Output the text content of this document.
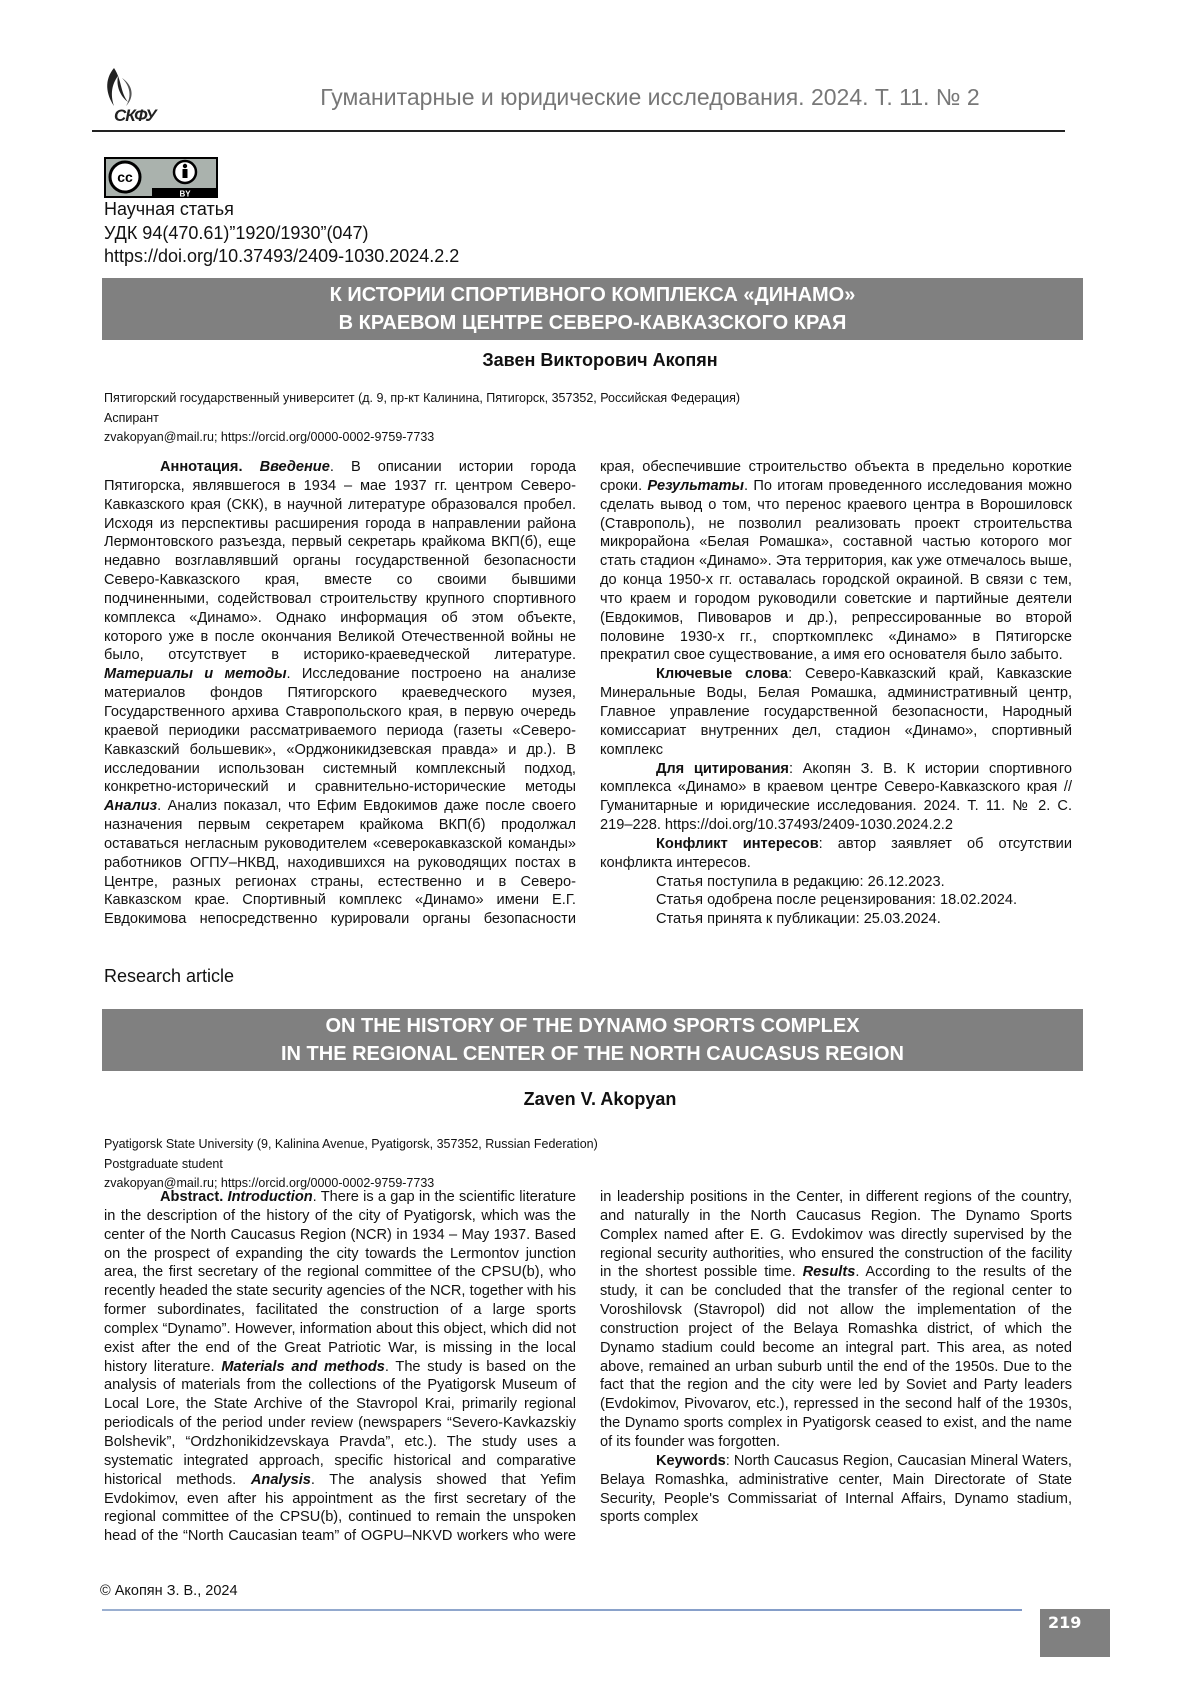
СКФУ
Гуманитарные и юридические исследования. 2024. Т. 11. № 2
cc
BY
Научная статья
УДК 94(470.61)”1920/1930”(047)
https://doi.org/10.37493/2409-1030.2024.2.2
К ИСТОРИИ СПОРТИВНОГО КОМПЛЕКСА «ДИНАМО»
В КРАЕВОМ ЦЕНТРЕ СЕВЕРО-КАВКАЗСКОГО КРАЯ
Завен Викторович Акопян
Пятигорский государственный университет (д. 9, пр-кт Калинина, Пятигорск, 357352, Российская Федерация)
Аспирант
zvakopyan@mail.ru; https://orcid.org/0000-0002-9759-7733

Аннотация. Введение. В описании истории города Пятигорска, являвшегося в 1934 – мае 1937 гг. центром Северо-Кавказского края (СКК), в научной литературе образовался пробел. Исходя из перспективы расширения города в направлении района Лермонтовского разъезда, первый секретарь крайкома ВКП(б), еще недавно возглавлявший органы государственной безопасности Северо-Кавказского края, вместе со своими бывшими подчиненными, содействовал строительству крупного спортивного комплекса «Динамо». Однако информация об этом объекте, которого уже в после окончания Великой Отечественной войны не было, отсутствует в историко-краеведческой литературе. Материалы и методы. Исследование построено на анализе материалов фондов Пятигорского краеведческого музея, Государственного архива Ставропольского края, в первую очередь краевой периодики рассматриваемого периода (газеты «Северо-Кавказский большевик», «Орджоникидзевская правда» и др.). В исследовании использован системный комплексный подход, конкретно-исторический и сравнительно-исторические методы Анализ. Анализ показал, что Ефим Евдокимов даже после своего назначения первым секретарем крайкома ВКП(б) продолжал оставаться негласным руководителем «северокавказской команды» работников ОГПУ–НКВД, находившихся на руководящих постах в Центре, разных регионах страны, естественно и в Северо-Кавказском крае. Спортивный комплекс «Динамо» имени Е.Г. Евдокимова непосредственно курировали органы безопасности края, обеспечившие строительство объекта в предельно короткие сроки. Результаты. По итогам проведенного исследования можно сделать вывод о том, что перенос краевого центра в Ворошиловск (Ставрополь), не позволил реализовать проект строительства микрорайона «Белая Ромашка», составной частью которого мог стать стадион «Динамо». Эта территория, как уже отмечалось выше, до конца 1950-х гг. оставалась городской окраиной. В связи с тем, что краем и городом руководили советские и партийные деятели (Евдокимов, Пивоваров и др.), репрессированные во второй половине 1930-х гг., спорткомплекс «Динамо» в Пятигорске прекратил свое существование, а имя его основателя было забыто.

Ключевые слова: Северо-Кавказский край, Кавказские Минеральные Воды, Белая Ромашка, административный центр, Главное управление государственной безопасности, Народный комиссариат внутренних дел, стадион «Динамо», спортивный комплекс

Для цитирования: Акопян З. В. К истории спортивного комплекса «Динамо» в краевом центре Северо-Кавказского края // Гуманитарные и юридические исследования. 2024. Т. 11. № 2. С. 219–228. https://doi.org/10.37493/2409-1030.2024.2.2

Конфликт интересов: автор заявляет об отсутствии конфликта интересов.

Статья поступила в редакцию: 26.12.2023.

Статья одобрена после рецензирования: 18.02.2024.

Статья принята к публикации: 25.03.2024.

Research article
ON THE HISTORY OF THE DYNAMO SPORTS COMPLEX
IN THE REGIONAL CENTER OF THE NORTH CAUCASUS REGION
Zaven V. Akopyan
Pyatigorsk State University (9, Kalinina Avenue, Pyatigorsk, 357352, Russian Federation)
Postgraduate student
zvakopyan@mail.ru; https://orcid.org/0000-0002-9759-7733

Abstract. Introduction. There is a gap in the scientific literature in the description of the history of the city of Pyatigorsk, which was the center of the North Caucasus Region (NCR) in 1934 – May 1937. Based on the prospect of expanding the city towards the Lermontov junction area, the first secretary of the regional committee of the CPSU(b), who recently headed the state security agencies of the NCR, together with his former subordinates, facilitated the construction of a large sports complex “Dynamo”. However, information about this object, which did not exist after the end of the Great Patriotic War, is missing in the local history literature. Materials and methods. The study is based on the analysis of materials from the collections of the Pyatigorsk Museum of Local Lore, the State Archive of the Stavropol Krai, primarily regional periodicals of the period under review (newspapers “Severo-Kavkazskiy Bolshevik”, “Ordzhonikidzevskaya Pravda”, etc.). The study uses a systematic integrated approach, specific historical and comparative historical methods. Analysis. The analysis showed that Yefim Evdokimov, even after his appointment as the first secretary of the regional committee of the CPSU(b), continued to remain the unspoken head of the “North Caucasian team” of OGPU–NKVD workers who were in leadership positions in the Center, in different regions of the country, and naturally in the North Caucasus Region. The Dynamo Sports Complex named after E. G. Evdokimov was directly supervised by the regional security authorities, who ensured the construction of the facility in the shortest possible time. Results. According to the results of the study, it can be concluded that the transfer of the regional center to Voroshilovsk (Stavropol) did not allow the implementation of the construction project of the Belaya Romashka district, of which the Dynamo stadium could become an integral part. This area, as noted above, remained an urban suburb until the end of the 1950s. Due to the fact that the region and the city were led by Soviet and Party leaders (Evdokimov, Pivovarov, etc.), repressed in the second half of the 1930s, the Dynamo sports complex in Pyatigorsk ceased to exist, and the name of its founder was forgotten.

Keywords: North Caucasus Region, Caucasian Mineral Waters, Belaya Romashka, administrative center, Main Directorate of State Security, People's Commissariat of Internal Affairs, Dynamo stadium, sports complex

© Акопян З. В., 2024
219
